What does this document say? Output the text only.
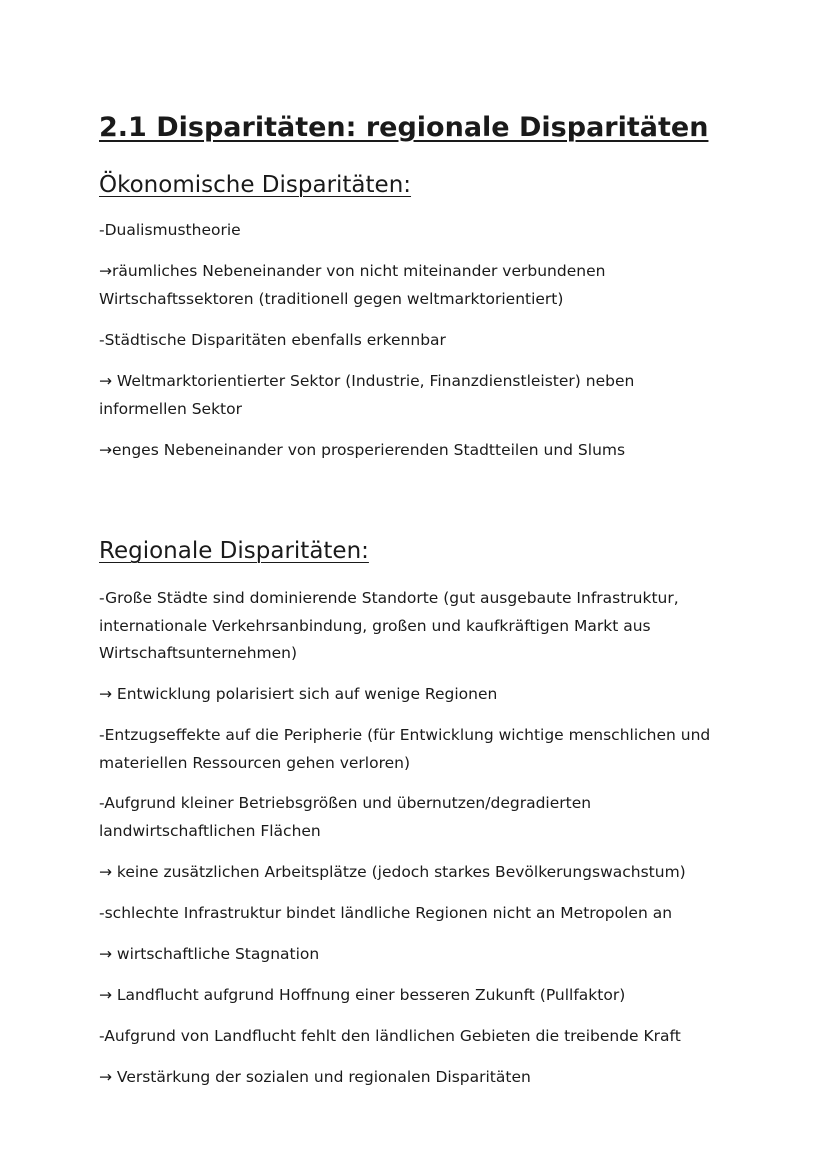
2.1 Disparitäten: regionale Disparitäten
Ökonomische Disparitäten:

-Dualismustheorie

→räumliches Nebeneinander von nicht miteinander verbundenen
Wirtschaftssektoren (traditionell gegen weltmarktorientiert)

-Städtische Disparitäten ebenfalls erkennbar

→ Weltmarktorientierter Sektor (Industrie, Finanzdienstleister) neben
informellen Sektor

→enges Nebeneinander von prosperierenden Stadtteilen und Slums

Regionale Disparitäten:

-Große Städte sind dominierende Standorte (gut ausgebaute Infrastruktur,
internationale Verkehrsanbindung, großen und kaufkräftigen Markt aus
Wirtschaftsunternehmen)

→ Entwicklung polarisiert sich auf wenige Regionen

-Entzugseffekte auf die Peripherie (für Entwicklung wichtige menschlichen und
materiellen Ressourcen gehen verloren)

-Aufgrund kleiner Betriebsgrößen und übernutzen/degradierten
landwirtschaftlichen Flächen

→ keine zusätzlichen Arbeitsplätze (jedoch starkes Bevölkerungswachstum)

-schlechte Infrastruktur bindet ländliche Regionen nicht an Metropolen an

→ wirtschaftliche Stagnation

→ Landflucht aufgrund Hoffnung einer besseren Zukunft (Pullfaktor)

-Aufgrund von Landflucht fehlt den ländlichen Gebieten die treibende Kraft

→ Verstärkung der sozialen und regionalen Disparitäten
